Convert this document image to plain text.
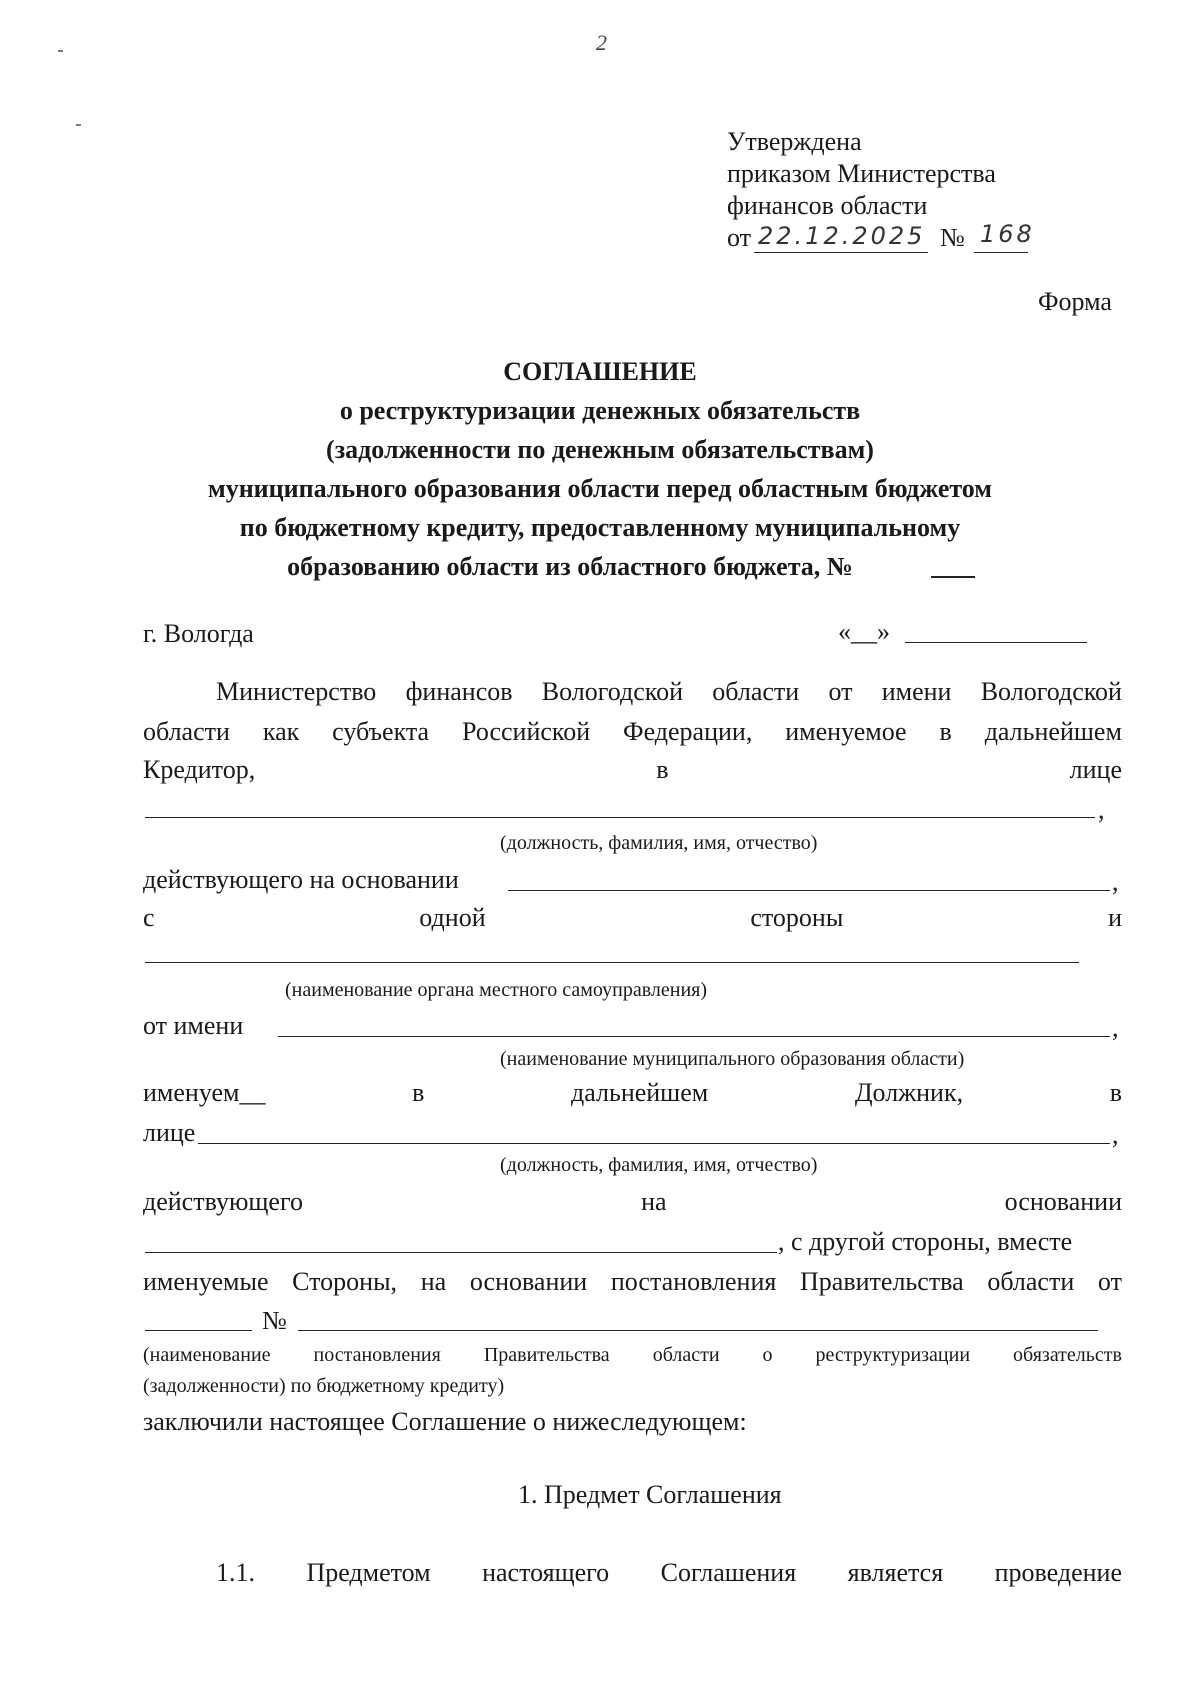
2
Утверждена
приказом Министерства
финансов области
от 22.12.2025 № 168
Форма
СОГЛАШЕНИЕ
о реструктуризации денежных обязательств
(задолженности по денежным обязательствам)
муниципального образования области перед областным бюджетом
по бюджетному кредиту, предоставленному муниципальному
образованию области из областного бюджета, №
г. Вологда	«__»
Министерство финансов Вологодской области от имени Вологодской
области как субъекта Российской Федерации, именуемое в дальнейшем
Кредитор,	в	лице
,
(должность, фамилия, имя, отчество)
действующего на основании	,
с	одной	стороны	и
(наименование органа местного самоуправления)
от имени	,
(наименование муниципального образования области)
именуем__	в	дальнейшем	Должник,	в
лице	,
(должность, фамилия, имя, отчество)
действующего	на	основании
, с другой стороны, вместе
именуемые Стороны, на основании постановления Правительства области от
№
(наименование постановления Правительства области о реструктуризации обязательств
(задолженности) по бюджетному кредиту)
заключили настоящее Соглашение о нижеследующем:
1. Предмет Соглашения
1.1. Предметом настоящего Соглашения является проведение
